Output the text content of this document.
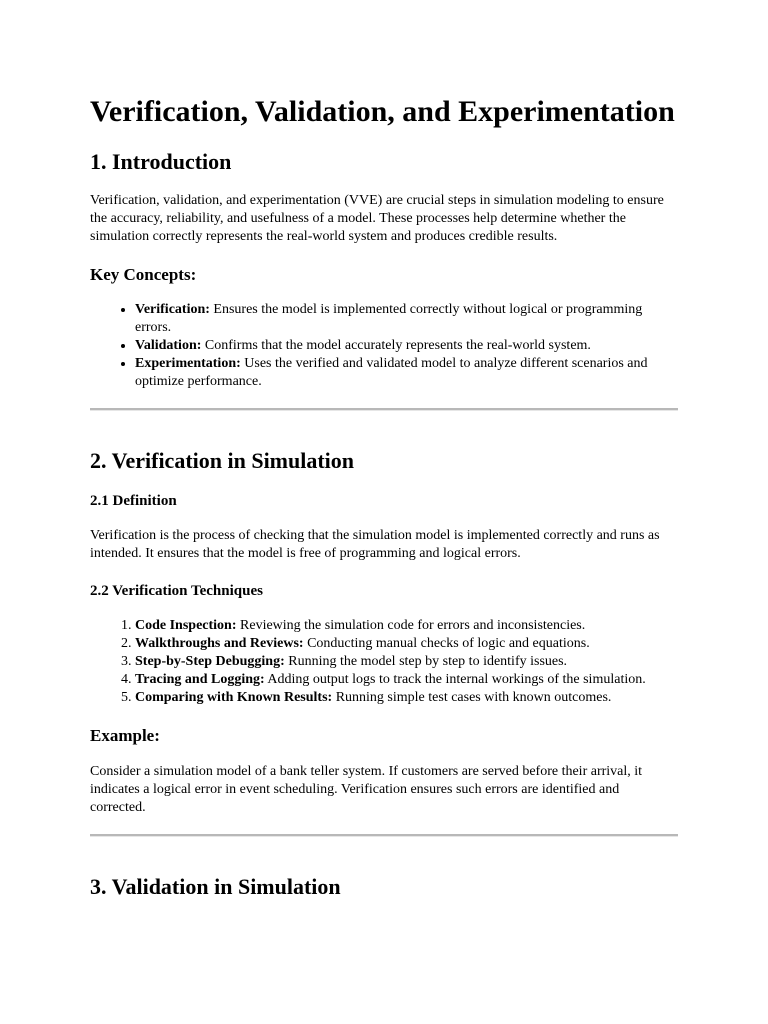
Verification, Validation, and Experimentation
1. Introduction

Verification, validation, and experimentation (VVE) are crucial steps in simulation modeling to ensure the accuracy, reliability, and usefulness of a model. These processes help determine whether the simulation correctly represents the real-world system and produces credible results.

Key Concepts:
• Verification: Ensures the model is implemented correctly without logical or programming errors.
• Validation: Confirms that the model accurately represents the real-world system.
• Experimentation: Uses the verified and validated model to analyze different scenarios and optimize performance.
2. Verification in Simulation
2.1 Definition

Verification is the process of checking that the simulation model is implemented correctly and runs as intended. It ensures that the model is free of programming and logical errors.

2.2 Verification Techniques
1. Code Inspection: Reviewing the simulation code for errors and inconsistencies.
2. Walkthroughs and Reviews: Conducting manual checks of logic and equations.
3. Step-by-Step Debugging: Running the model step by step to identify issues.
4. Tracing and Logging: Adding output logs to track the internal workings of the simulation.
5. Comparing with Known Results: Running simple test cases with known outcomes.
Example:

Consider a simulation model of a bank teller system. If customers are served before their arrival, it indicates a logical error in event scheduling. Verification ensures such errors are identified and corrected.

3. Validation in Simulation
